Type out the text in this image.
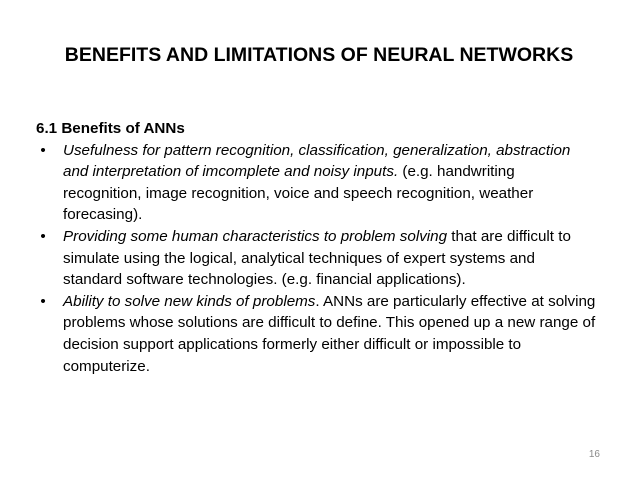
BENEFITS AND LIMITATIONS OF NEURAL NETWORKS
6.1 Benefits of ANNs
• Usefulness for pattern recognition, classification, generalization, abstraction and interpretation of imcomplete and noisy inputs. (e.g. handwriting recognition, image recognition, voice and speech recognition, weather forecasing).
• Providing some human characteristics to problem solving that are difficult to simulate using the logical, analytical techniques of expert systems and standard software technologies. (e.g. financial applications).
• Ability to solve new kinds of problems. ANNs are particularly effective at solving problems whose solutions are difficult to define. This opened up a new range of decision support applications formerly either difficult or impossible to computerize.
16
